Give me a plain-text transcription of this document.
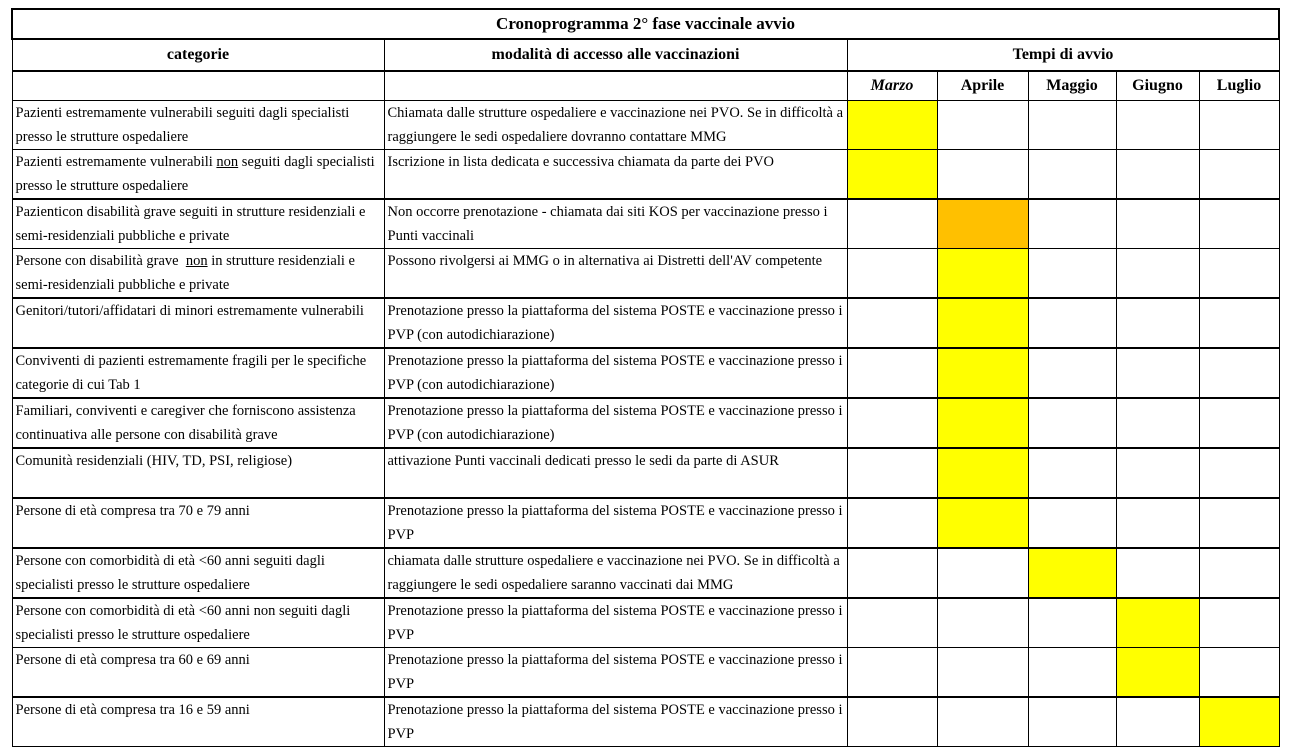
Cronoprogramma 2° fase vaccinale avvio						
categorie	modalità di accesso alle vaccinazioni	Tempi di avvio				
		Marzo	Aprile	Maggio	Giugno	Luglio
Pazienti estremamente vulnerabili seguiti dagli specialisti presso le strutture ospedaliere	Chiamata dalle strutture ospedaliere e vaccinazione nei PVO. Se in difficoltà a raggiungere le sedi ospedaliere dovranno contattare MMG					
Pazienti estremamente vulnerabili non seguiti dagli specialisti presso le strutture ospedaliere	Iscrizione in lista dedicata e successiva chiamata da parte dei PVO					
Pazienticon disabilità grave seguiti in strutture residenziali e semi-residenziali pubbliche e private	Non occorre prenotazione - chiamata dai siti KOS per vaccinazione presso i Punti vaccinali					
Persone con disabilità grave  non in strutture residenziali e semi-residenziali pubbliche e private	Possono rivolgersi ai MMG o in alternativa ai Distretti dell'AV competente					
Genitori/tutori/affidatari di minori estremamente vulnerabili	Prenotazione presso la piattaforma del sistema POSTE e vaccinazione presso i PVP (con autodichiarazione)					
Conviventi di pazienti estremamente fragili per le specifiche categorie di cui Tab 1	Prenotazione presso la piattaforma del sistema POSTE e vaccinazione presso i PVP (con autodichiarazione)					
Familiari, conviventi e caregiver che forniscono assistenza continuativa alle persone con disabilità grave	Prenotazione presso la piattaforma del sistema POSTE e vaccinazione presso i PVP (con autodichiarazione)					
Comunità residenziali (HIV, TD, PSI, religiose)	attivazione Punti vaccinali dedicati presso le sedi da parte di ASUR					
Persone di età compresa tra 70 e 79 anni	Prenotazione presso la piattaforma del sistema POSTE e vaccinazione presso i PVP					
Persone con comorbidità di età <60 anni seguiti dagli specialisti presso le strutture ospedaliere	chiamata dalle strutture ospedaliere e vaccinazione nei PVO. Se in difficoltà a raggiungere le sedi ospedaliere saranno vaccinati dai MMG					
Persone con comorbidità di età <60 anni non seguiti dagli specialisti presso le strutture ospedaliere	Prenotazione presso la piattaforma del sistema POSTE e vaccinazione presso i PVP					
Persone di età compresa tra 60 e 69 anni	Prenotazione presso la piattaforma del sistema POSTE e vaccinazione presso i PVP					
Persone di età compresa tra 16 e 59 anni	Prenotazione presso la piattaforma del sistema POSTE e vaccinazione presso i PVP					
